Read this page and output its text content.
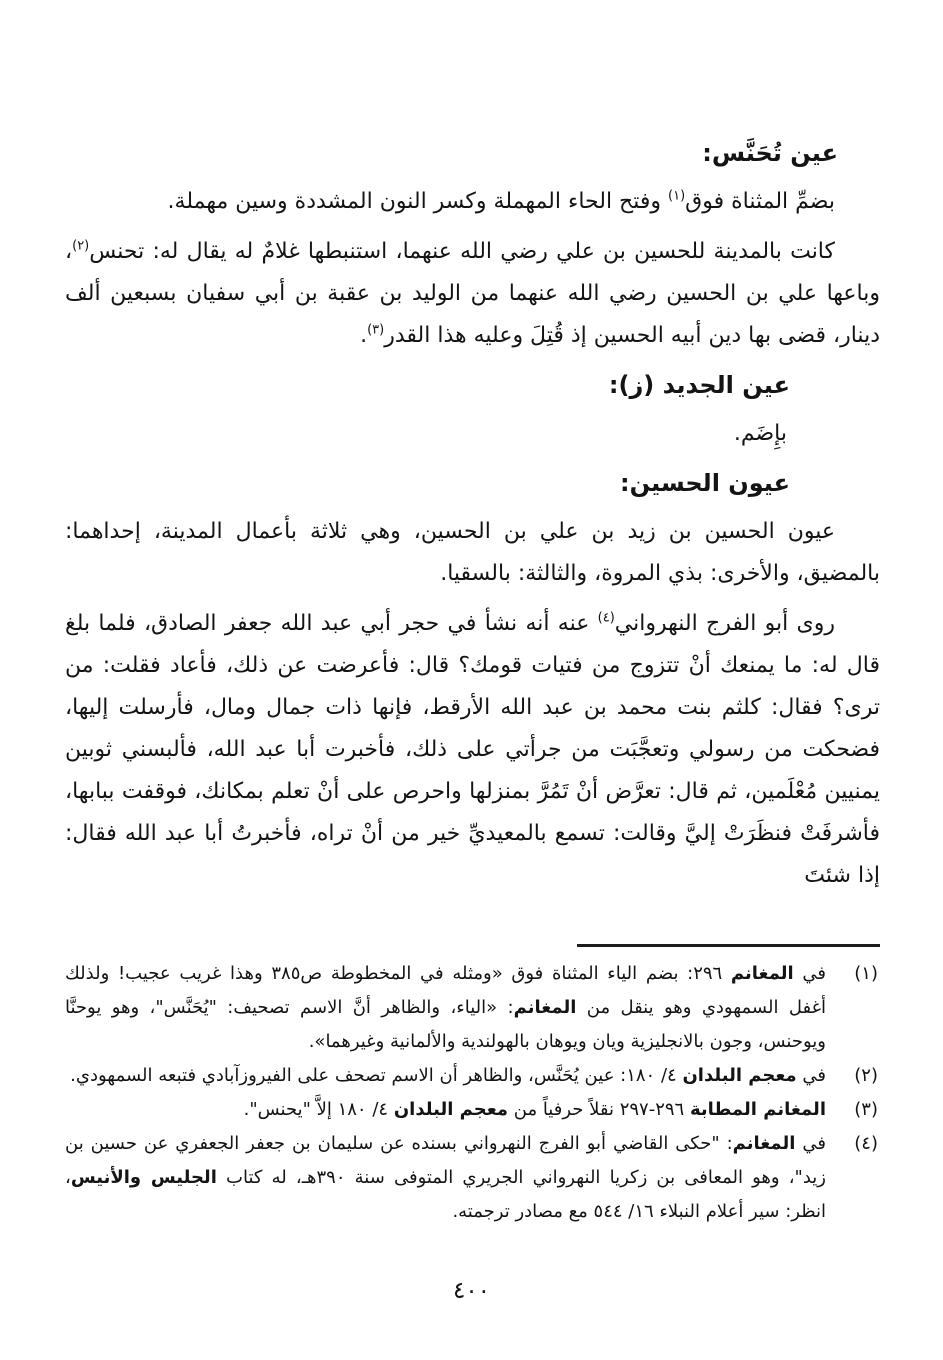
عين تُحَنَّس:

بضمِّ المثناة فوق$^{(١)}$ وفتح الحاء المهملة وكسر النون المشددة وسين مهملة.

كانت بالمدينة للحسين بن علي رضي الله عنهما، استنبطها غلامٌ له يقال له: تحنس$^{(٢)}$، وباعها علي بن الحسين رضي الله عنهما من الوليد بن عقبة بن أبي سفيان بسبعين ألف دينار، قضى بها دين أبيه الحسين إذ قُتِلَ وعليه هذا القدر$^{(٣)}$.

عين الجديد (ز):

بإِضَم.

عيون الحسين:

عيون الحسين بن زيد بن علي بن الحسين، وهي ثلاثة بأعمال المدينة، إحداهما: بالمضيق، والأخرى: بذي المروة، والثالثة: بالسقيا.

روى أبو الفرج النهرواني$^{(٤)}$ عنه أنه نشأ في حجر أبي عبد الله جعفر الصادق، فلما بلغ قال له: ما يمنعك أنْ تتزوج من فتيات قومك؟ قال: فأعرضت عن ذلك، فأعاد فقلت: من ترى؟ فقال: كلثم بنت محمد بن عبد الله الأرقط، فإنها ذات جمال ومال، فأرسلت إليها، فضحكت من رسولي وتعجَّبَت من جرأتي على ذلك، فأخبرت أبا عبد الله، فألبسني ثوبين يمنيين مُعْلَمين، ثم قال: تعرَّض أنْ تَمُرَّ بمنزلها واحرص على أنْ تعلم بمكانك، فوقفت ببابها، فأشرفَتْ فنظَرَتْ إليَّ وقالت: تسمع بالمعيديِّ خير من أنْ تراه، فأخبرتُ أبا عبد الله فقال: إذا شئتَ

(١)
في المغانم ٢٩٦: بضم الياء المثناة فوق «ومثله في المخطوطة ص٣٨٥ وهذا غريب عجيب! ولذلك أغفل السمهودي وهو ينقل من المغانم: «الياء، والظاهر أنَّ الاسم تصحيف: "يُحَنَّس"، وهو يوحنَّا ويوحنس، وجون بالانجليزية ويان ويوهان بالهولندية والألمانية وغيرهما».
(٢)
في معجم البلدان ٤/ ١٨٠: عين يُحَنَّس، والظاهر أن الاسم تصحف على الفيروزآبادي فتبعه السمهودي.
(٣)
المغانم المطابة ٢٩٦-٢٩٧ نقلاً حرفياً من معجم البلدان ٤/ ١٨٠ إلاَّ "يحنس".
(٤)
في المغانم: "حكى القاضي أبو الفرج النهرواني بسنده عن سليمان بن جعفر الجعفري عن حسين بن زيد"، وهو المعافى بن زكريا النهرواني الجريري المتوفى سنة ٣٩٠هـ، له كتاب الجليس والأنيس، انظر: سير أعلام النبلاء ١٦/ ٥٤٤ مع مصادر ترجمته.
٤٠٠
